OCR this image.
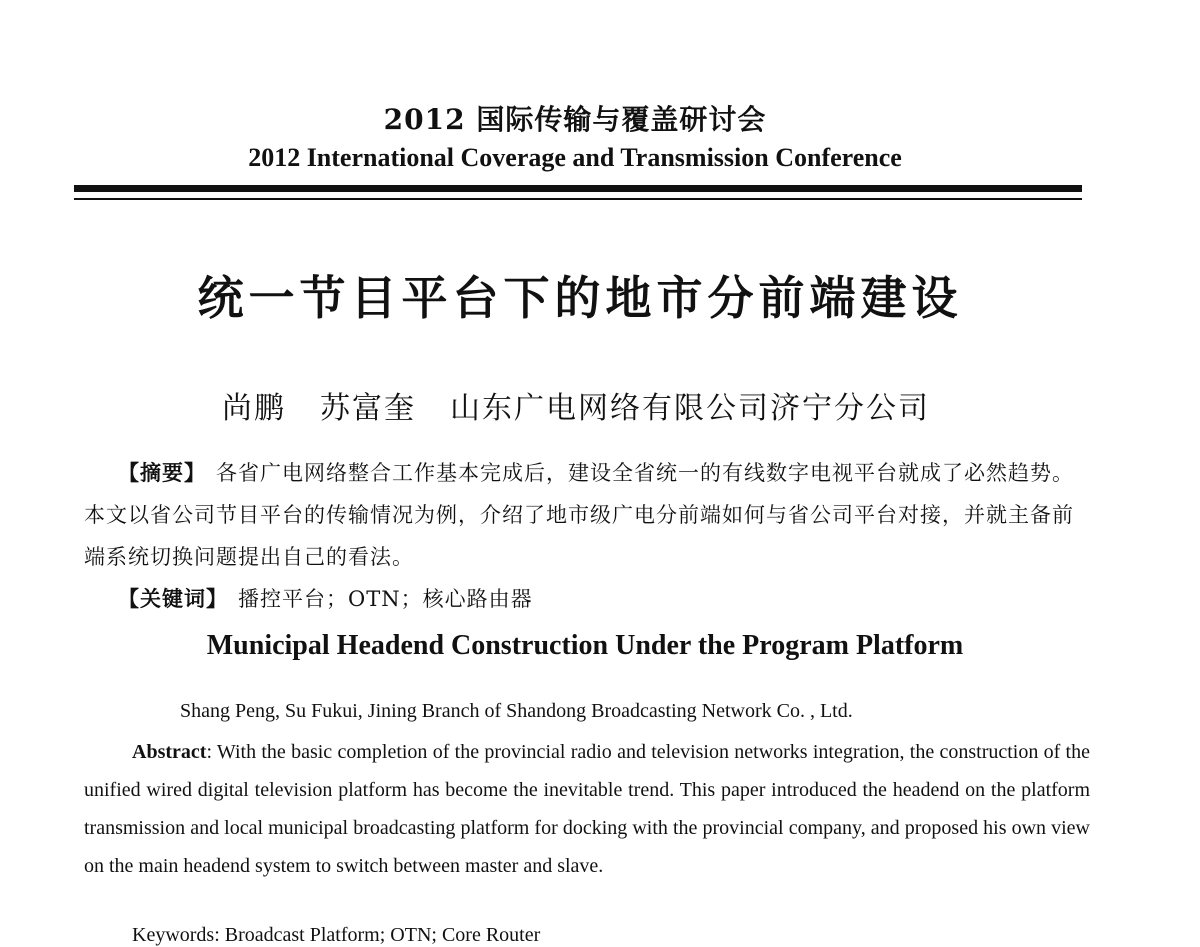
2012 国际传输与覆盖研讨会
2012 International Coverage and Transmission Conference
统一节目平台下的地市分前端建设
尚鹏 苏富奎 山东广电网络有限公司济宁分公司
【摘要】 各省广电网络整合工作基本完成后，建设全省统一的有线数字电视平台就成了必然趋势。本文以省公司节目平台的传输情况为例，介绍了地市级广电分前端如何与省公司平台对接，并就主备前端系统切换问题提出自己的看法。
【关键词】 播控平台；OTN；核心路由器
Municipal Headend Construction Under the Program Platform
Shang Peng, Su Fukui, Jining Branch of Shandong Broadcasting Network Co. , Ltd.
Abstract: With the basic completion of the provincial radio and television networks integration, the construction of the unified wired digital television platform has become the inevitable trend. This paper introduced the headend on the platform transmission and local municipal broadcasting platform for docking with the provincial company, and proposed his own view on the main headend system to switch between master and slave.
Keywords: Broadcast Platform; OTN; Core Router
